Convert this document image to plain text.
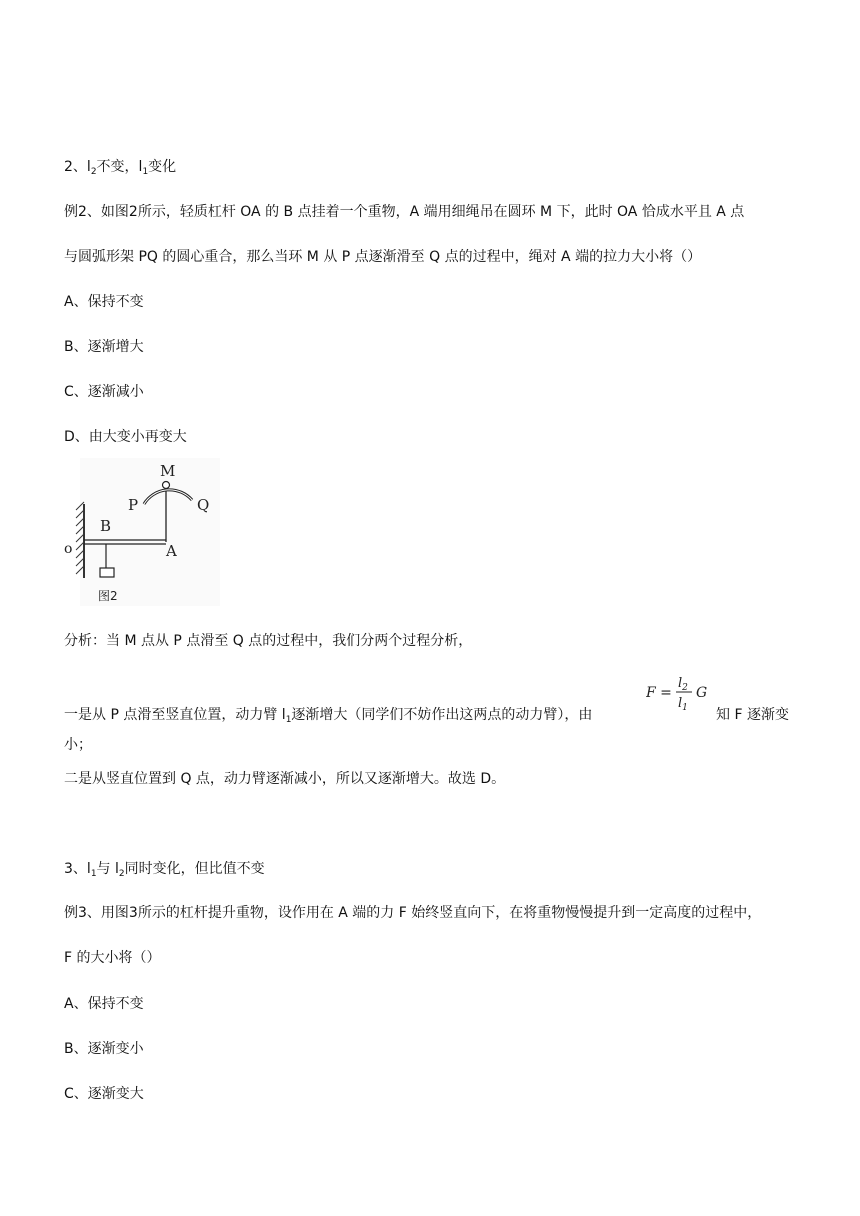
2、$l_2$不变，$l_1$变化
例2、如图2所示，轻质杠杆 OA 的 B 点挂着一个重物，A 端用细绳吊在圆环 M 下，此时 OA 恰成水平且 A 点
与圆弧形架 PQ 的圆心重合，那么当环 M 从 P 点逐渐滑至 Q 点的过程中，绳对 A 端的拉力大小将（）
A、保持不变
B、逐渐增大
C、逐渐减小
D、由大变小再变大
M
P	Q
B
o	A
图2
分析：当 M 点从 P 点滑至 Q 点的过程中，我们分两个过程分析，
一是从 P 点滑至竖直位置，动力臂 $l_1$逐渐增大（同学们不妨作出这两点的动力臂），由	知 F 逐渐变
F =
$l_2$
$l_1$
G
小；
二是从竖直位置到 Q 点，动力臂逐渐减小，所以又逐渐增大。故选 D。
3、$l_1$与 $l_2$同时变化，但比值不变
例3、用图3所示的杠杆提升重物，设作用在 A 端的力 F 始终竖直向下，在将重物慢慢提升到一定高度的过程中，
F 的大小将（）
A、保持不变
B、逐渐变小
C、逐渐变大
